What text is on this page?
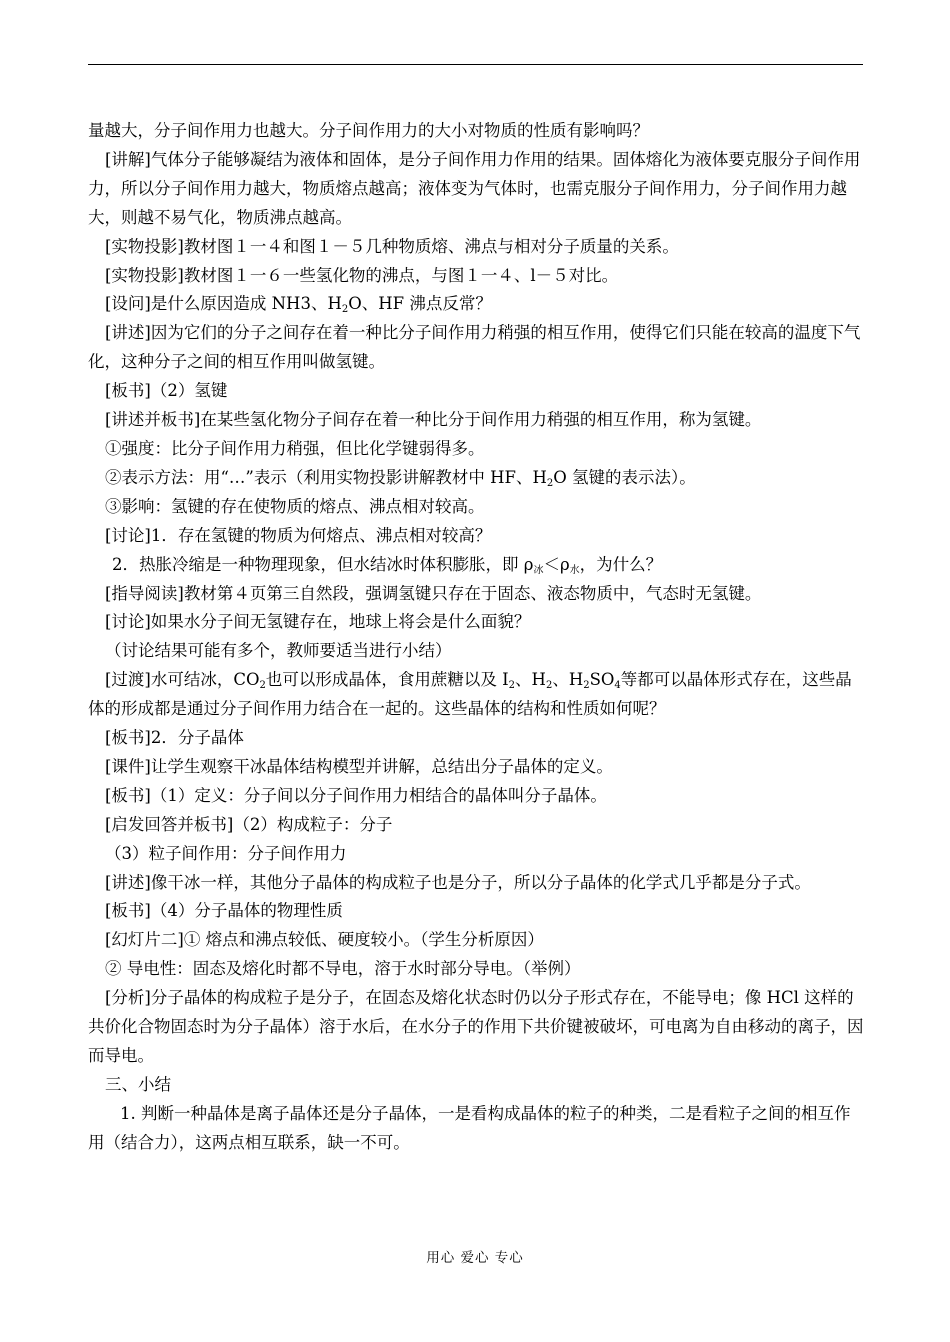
量越大，分子间作用力也越大。分子间作用力的大小对物质的性质有影响吗？

[讲解]气体分子能够凝结为液体和固体，是分子间作用力作用的结果。固体熔化为液体要克服分子间作用力，所以分子间作用力越大，物质熔点越高；液体变为气体时，也需克服分子间作用力，分子间作用力越大，则越不易气化，物质沸点越高。

[实物投影]教材图１一４和图１－５几种物质熔、沸点与相对分子质量的关系。

[实物投影]教材图１一６一些氢化物的沸点，与图１一４、l－５对比。

[设问]是什么原因造成 NH3、$H_2O$、HF 沸点反常？

[讲述]因为它们的分子之间存在着一种比分子间作用力稍强的相互作用，使得它们只能在较高的温度下气化，这种分子之间的相互作用叫做氢键。

[板书]（2）氢键

[讲述并板书]在某些氢化物分子间存在着一种比分于间作用力稍强的相互作用，称为氢键。

①强度：比分子间作用力稍强，但比化学键弱得多。

②表示方法：用“…”表示（利用实物投影讲解教材中 HF、$H_2O$ 氢键的表示法）。

③影响：氢键的存在使物质的熔点、沸点相对较高。

[讨论]1．存在氢键的物质为何熔点、沸点相对较高？

2．热胀冷缩是一种物理现象，但水结冰时体积膨胀，即 ρ冰＜ρ水，为什么？

[指导阅读]教材第４页第三自然段，强调氢键只存在于固态、液态物质中，气态时无氢键。

[讨论]如果水分子间无氢键存在，地球上将会是什么面貌？

（讨论结果可能有多个，教师要适当进行小结）

[过渡]水可结冰，$CO_2$也可以形成晶体，食用蔗糖以及 $I_2$、$H_2$、$H_2SO_4$等都可以晶体形式存在，这些晶体的形成都是通过分子间作用力结合在一起的。这些晶体的结构和性质如何呢？

[板书]2．分子晶体

[课件]让学生观察干冰晶体结构模型并讲解，总结出分子晶体的定义。

[板书]（1）定义：分子间以分子间作用力相结合的晶体叫分子晶体。

[启发回答并板书]（2）构成粒子：分子

（3）粒子间作用：分子间作用力

[讲述]像干冰一样，其他分子晶体的构成粒子也是分子，所以分子晶体的化学式几乎都是分子式。

[板书]（4）分子晶体的物理性质

[幻灯片二]① 熔点和沸点较低、硬度较小。（学生分析原因）

② 导电性：固态及熔化时都不导电，溶于水时部分导电。（举例）

[分析]分子晶体的构成粒子是分子，在固态及熔化状态时仍以分子形式存在，不能导电；像 HCl 这样的共价化合物固态时为分子晶体）溶于水后，在水分子的作用下共价键被破坏，可电离为自由移动的离子，因而导电。

三、小结

1. 判断一种晶体是离子晶体还是分子晶体，一是看构成晶体的粒子的种类，二是看粒子之间的相互作用（结合力），这两点相互联系，缺一不可。

用心 爱心 专心
